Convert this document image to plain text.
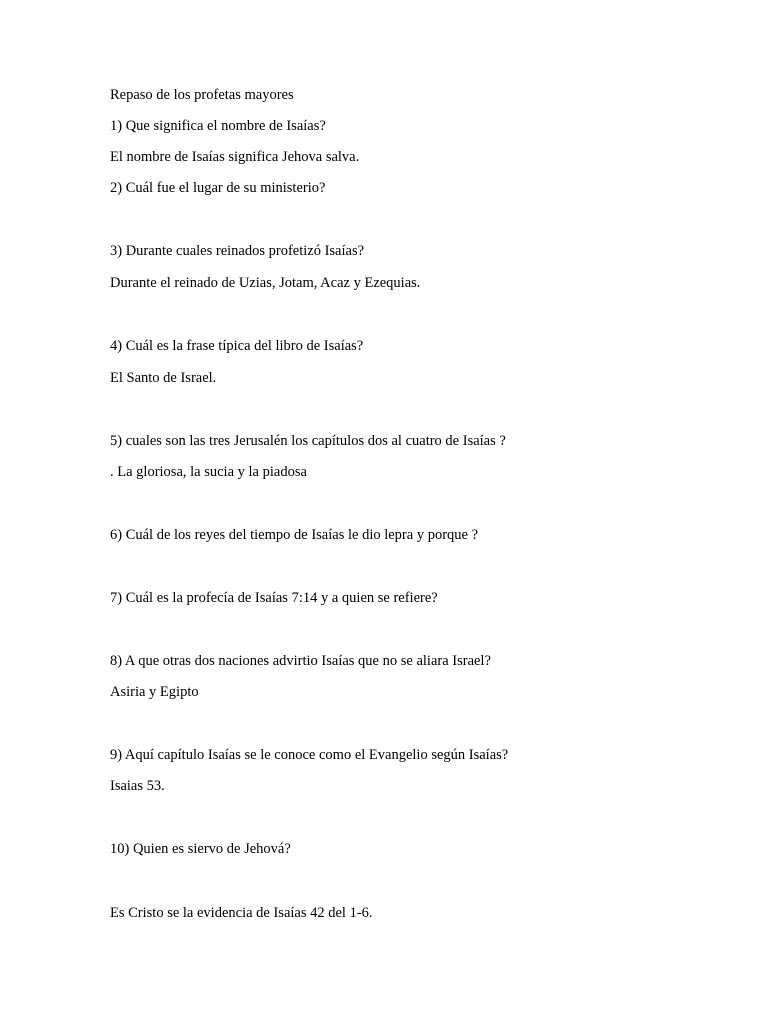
Repaso de los profetas mayores
1) Que significa el nombre de Isaías?
El nombre de Isaías significa Jehova salva.
2) Cuál fue el lugar de su ministerio?
3) Durante cuales reinados profetizó Isaías?
Durante el reinado de Uzias, Jotam, Acaz y Ezequias.
4) Cuál es la frase típica del libro de Isaías?
El Santo de Israel.
5) cuales son las tres Jerusalén los capítulos dos al cuatro de Isaías ?
. La gloriosa, la sucia y la piadosa
6) Cuál de los reyes del tiempo de Isaías le dio lepra y porque ?
7) Cuál es la profecía de Isaías 7:14 y a quien se refiere?
8) A que otras dos naciones advirtio Isaías que no se aliara Israel?
Asiria y Egipto
9) Aquí capítulo Isaías se le conoce como el Evangelio según Isaías?
Isaias 53.
10) Quien es siervo de Jehová?
Es Cristo se la evidencia de Isaías 42 del 1-6.
